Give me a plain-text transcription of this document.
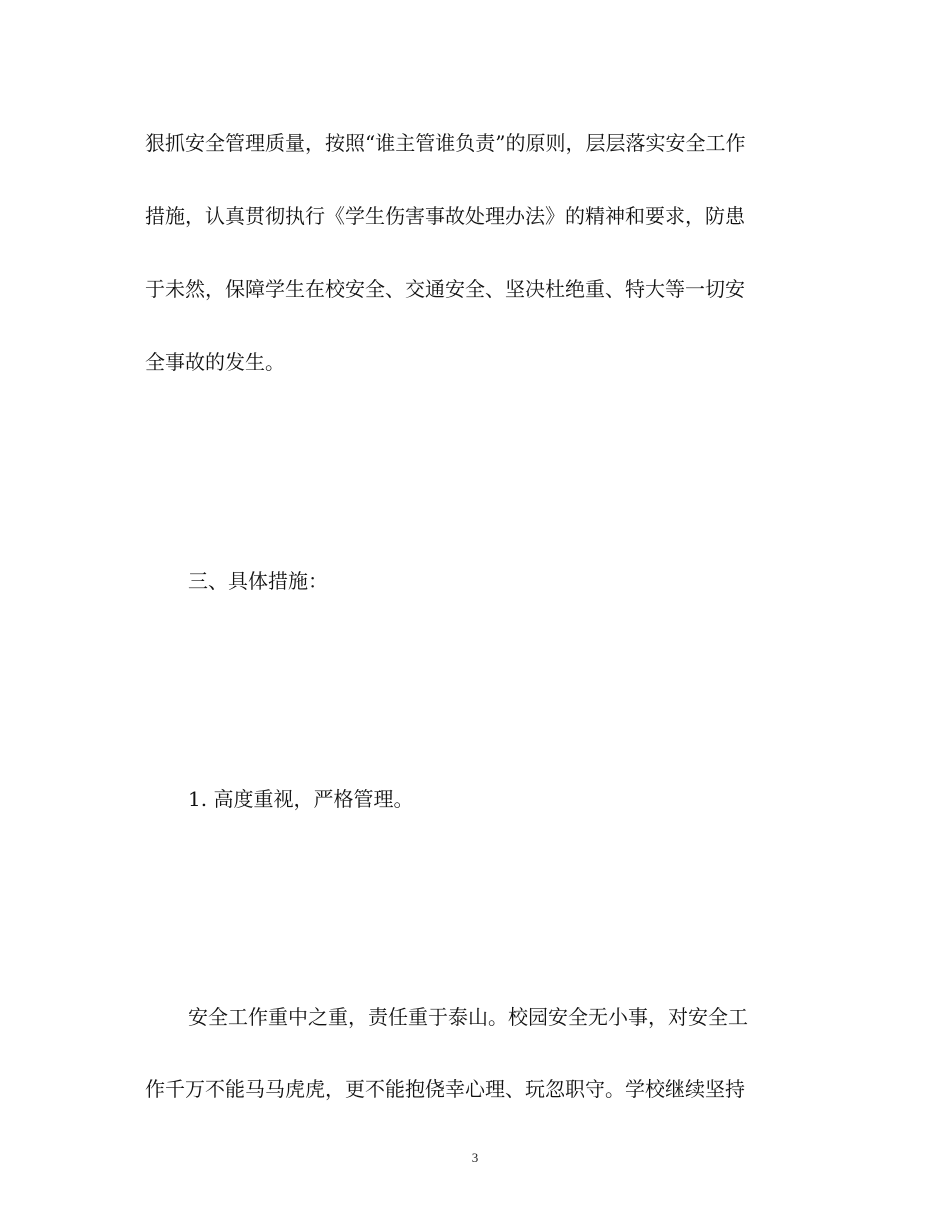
狠抓安全管理质量，按照“谁主管谁负责”的原则，层层落实安全工作
措施，认真贯彻执行《学生伤害事故处理办法》的精神和要求，防患
于未然，保障学生在校安全、交通安全、坚决杜绝重、特大等一切安
全事故的发生。
三、具体措施：
1. 高度重视，严格管理。
安全工作重中之重，责任重于泰山。校园安全无小事，对安全工
作千万不能马马虎虎，更不能抱侥幸心理、玩忽职守。学校继续坚持
3
